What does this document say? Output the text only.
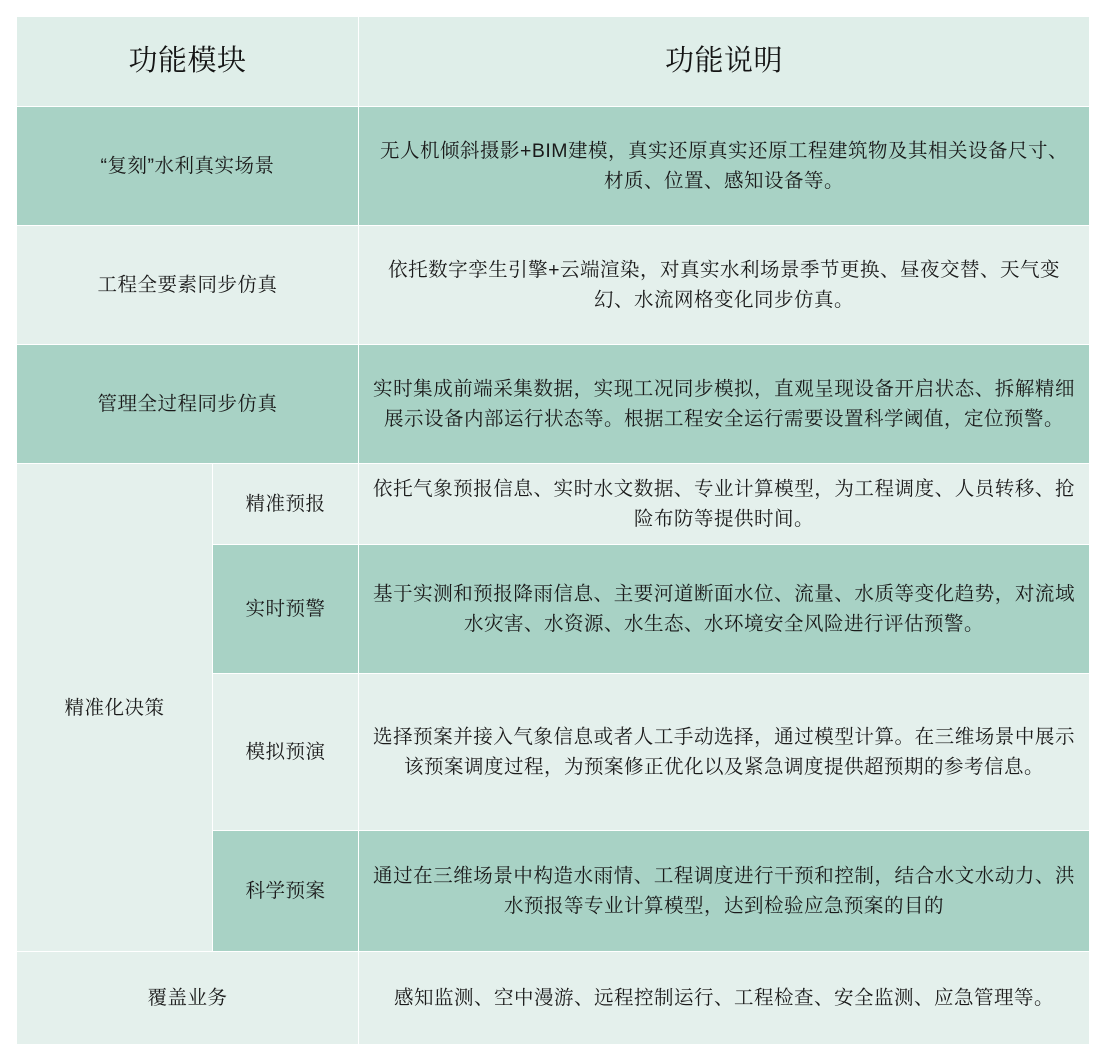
功能模块		功能说明
“复刻”水利真实场景		无人机倾斜摄影+BIM建模，真实还原真实还原工程建筑物及其相关设备尺寸、材质、位置、感知设备等。
工程全要素同步仿真		依托数字孪生引擎+云端渲染，对真实水利场景季节更换、昼夜交替、天气变幻、水流网格变化同步仿真。
管理全过程同步仿真		实时集成前端采集数据，实现工况同步模拟，直观呈现设备开启状态、拆解精细展示设备内部运行状态等。根据工程安全运行需要设置科学阈值，定位预警。
精准化决策	精准预报	依托气象预报信息、实时水文数据、专业计算模型，为工程调度、人员转移、抢险布防等提供时间。
	实时预警	基于实测和预报降雨信息、主要河道断面水位、流量、水质等变化趋势，对流域水灾害、水资源、水生态、水环境安全风险进行评估预警。
	模拟预演	选择预案并接入气象信息或者人工手动选择，通过模型计算。在三维场景中展示该预案调度过程，为预案修正优化以及紧急调度提供超预期的参考信息。
	科学预案	通过在三维场景中构造水雨情、工程调度进行干预和控制，结合水文水动力、洪水预报等专业计算模型，达到检验应急预案的目的
覆盖业务		感知监测、空中漫游、远程控制运行、工程检查、安全监测、应急管理等。
